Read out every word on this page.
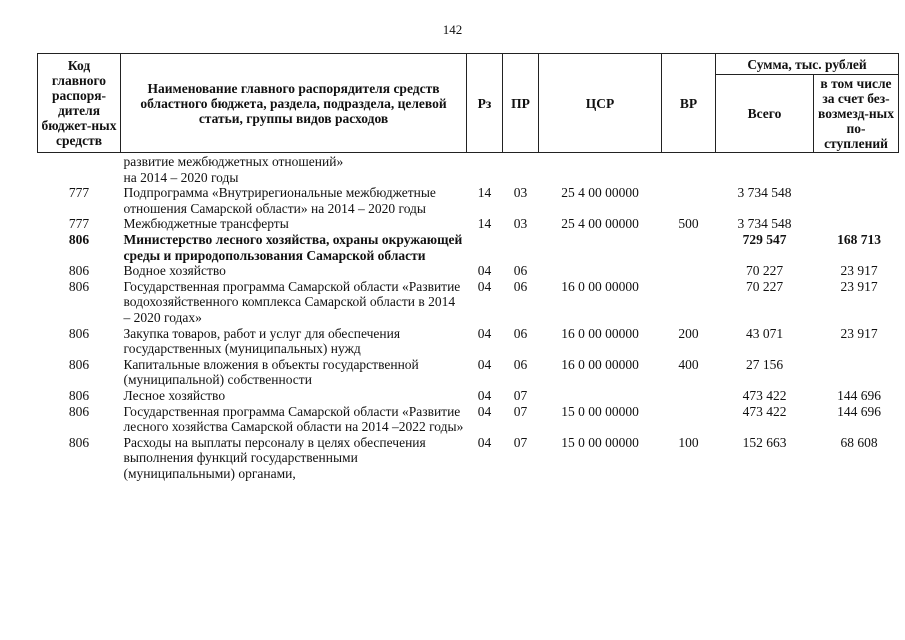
142
Код главного распоря-дителя бюджет-ных средств	Наименование главного распорядителя средств областного бюджета, раздела, подраздела, целевой статьи, группы видов расходов	Рз	ПР	ЦСР	ВР	Сумма, тыс. рублей	
						Всего	в том числе за счет без-возмезд-ных по-ступлений
	развитие межбюджетных отношений»
на 2014 – 2020 годы						
777	Подпрограмма «Внутрирегиональные межбюджетные отношения Самарской области» на 2014 – 2020 годы	14	03	25 4 00 00000		3 734 548	
777	Межбюджетные трансферты	14	03	25 4 00 00000	500	3 734 548	
806	Министерство лесного хозяйства, охраны окружающей среды и природопользования Самарской области					729 547	168 713
806	Водное хозяйство	04	06			70 227	23 917
806	Государственная программа Самарской области «Развитие водохозяйственного комплекса Самарской области в 2014 – 2020 годах»	04	06	16 0 00 00000		70 227	23 917
806	Закупка товаров, работ и услуг для обеспечения государственных (муниципальных) нужд	04	06	16 0 00 00000	200	43 071	23 917
806	Капитальные вложения в объекты государственной (муниципальной) собственности	04	06	16 0 00 00000	400	27 156	
806	Лесное хозяйство	04	07			473 422	144 696
806	Государственная программа Самарской области «Развитие лесного хозяйства Самарской области на 2014 –2022 годы»	04	07	15 0 00 00000		473 422	144 696
806	Расходы на выплаты персоналу в целях обеспечения выполнения функций государственными (муниципальными) органами,	04	07	15 0 00 00000	100	152 663	68 608
